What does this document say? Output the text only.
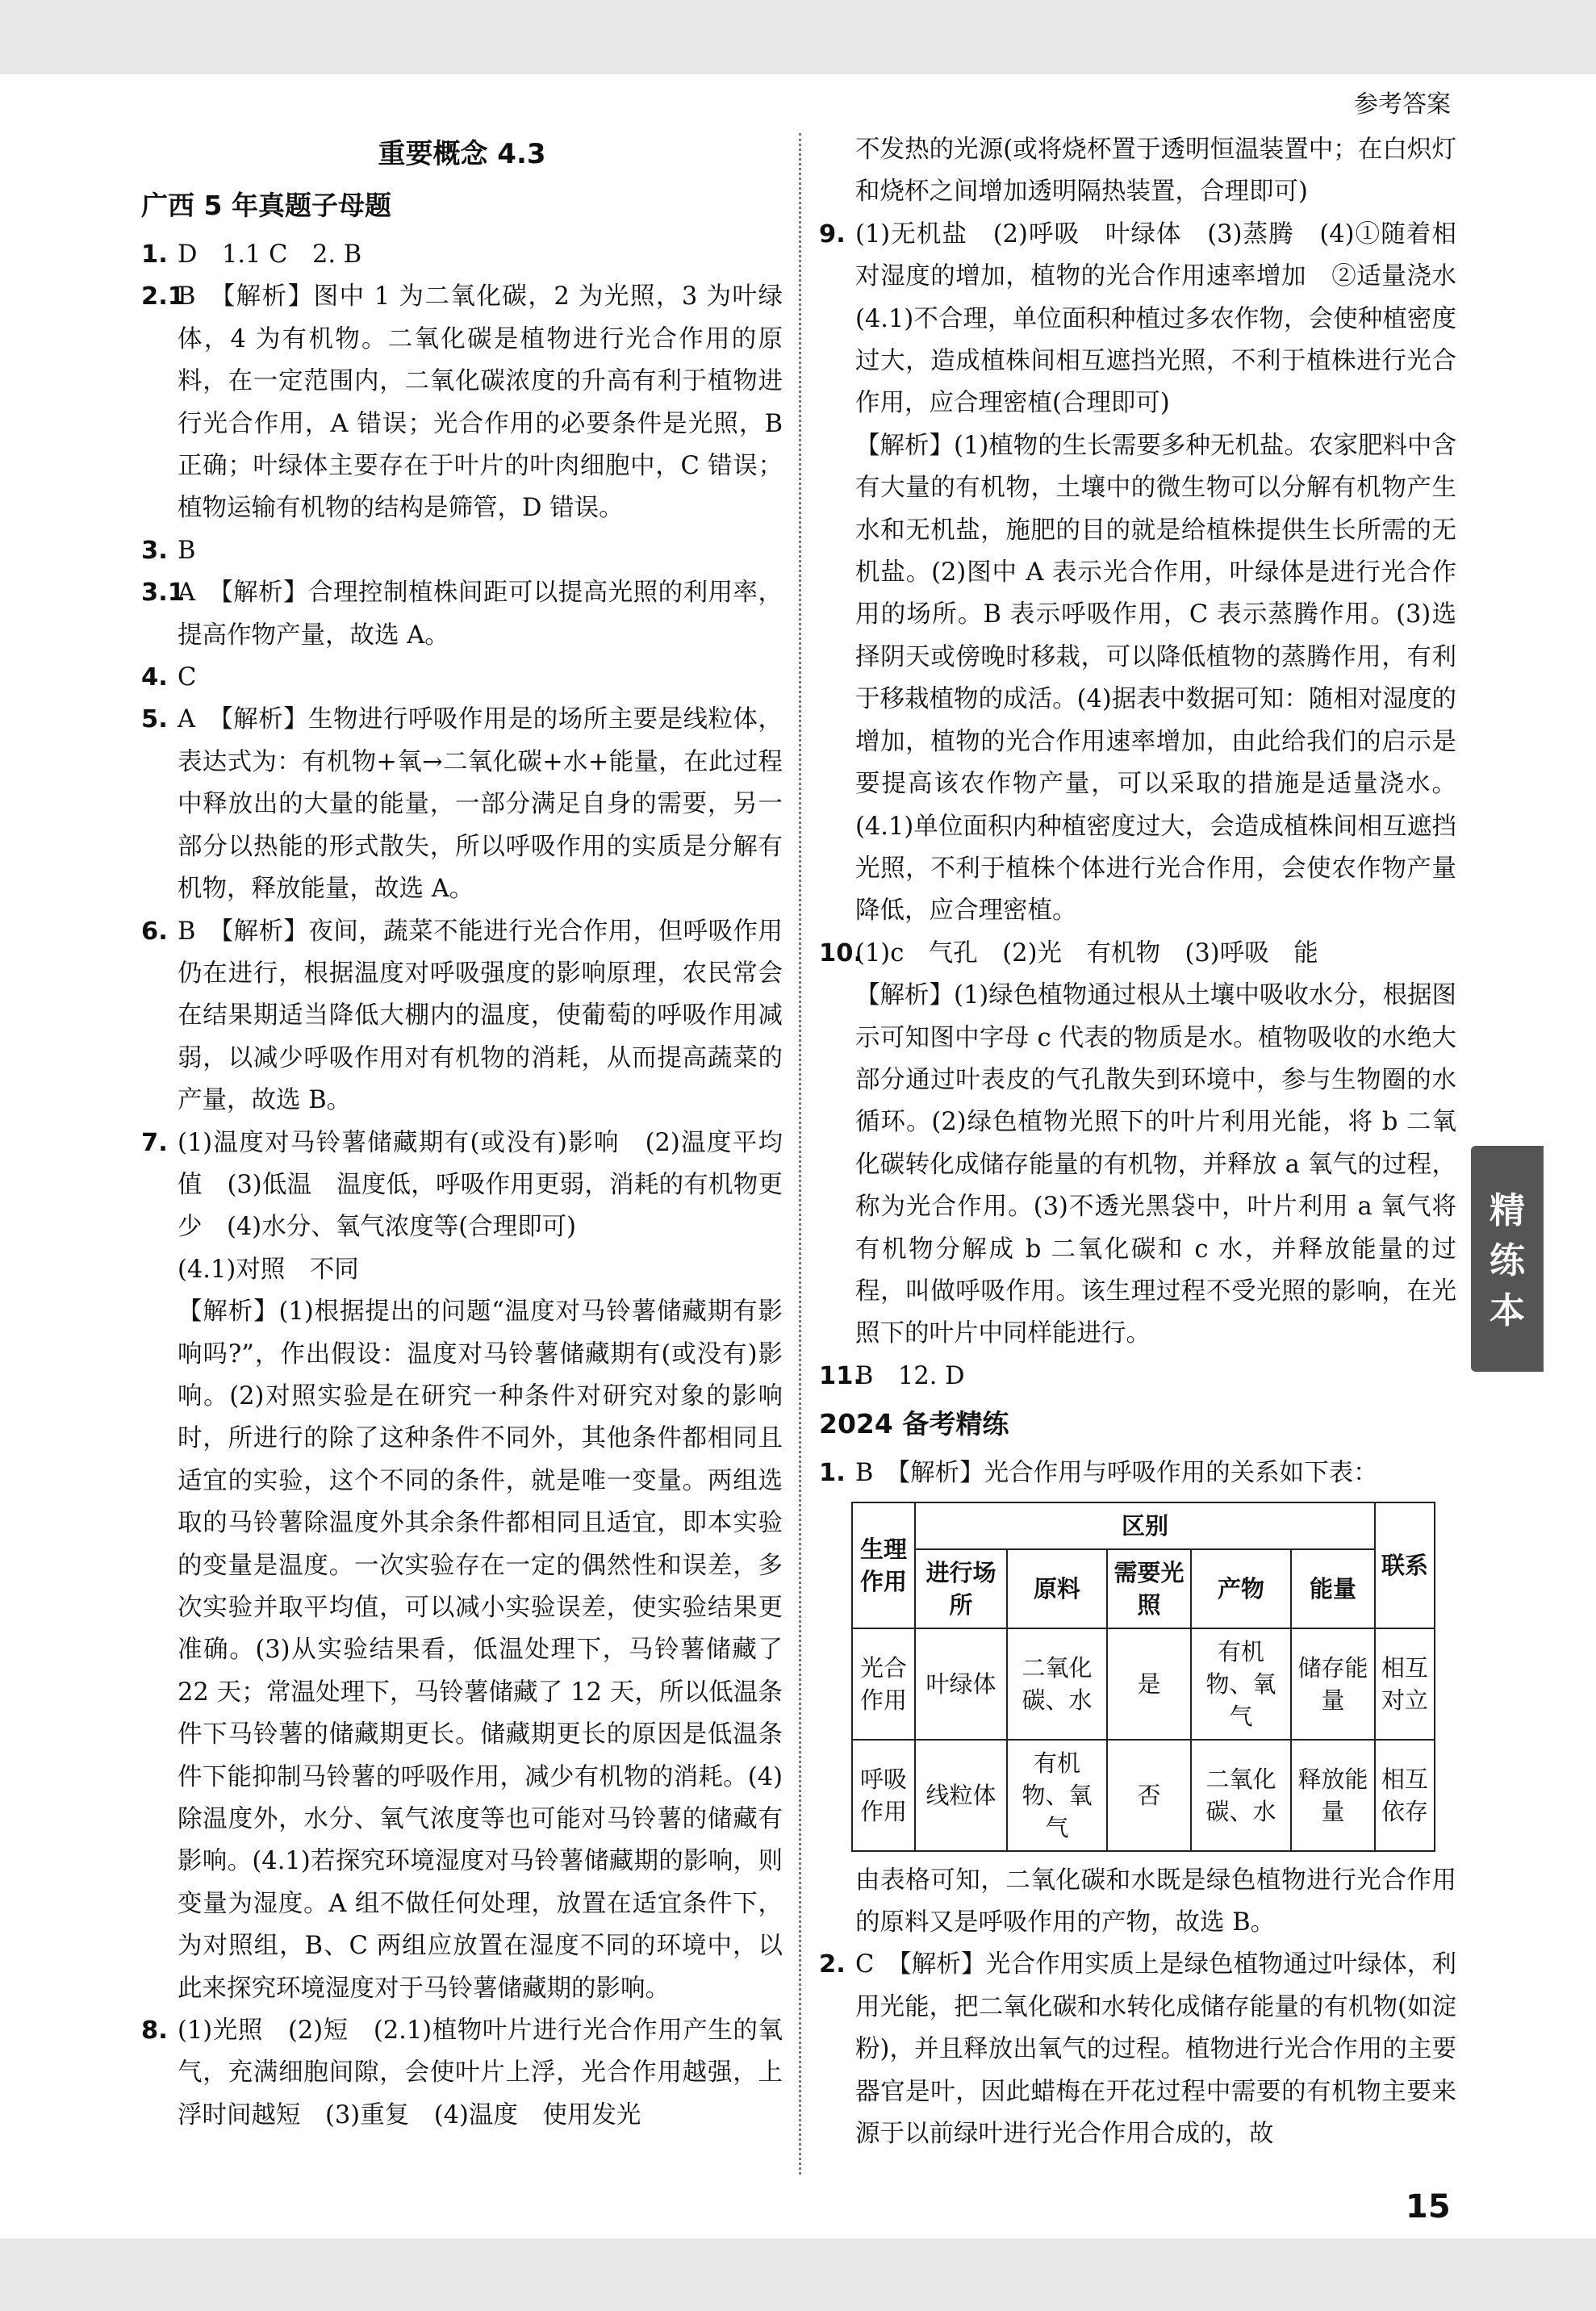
参考答案
重要概念 4.3
广西 5 年真题子母题

1. D　1.1 C　2. B

2.1
B　【解析】图中 1 为二氧化碳，2 为光照，3 为叶绿体，4 为有机物。二氧化碳是植物进行光合作用的原料，在一定范围内，二氧化碳浓度的升高有利于植物进行光合作用，A 错误；光合作用的必要条件是光照，B 正确；叶绿体主要存在于叶片的叶肉细胞中，C 错误；植物运输有机物的结构是筛管，D 错误。

3. B

3.1
A　【解析】合理控制植株间距可以提高光照的利用率，提高作物产量，故选 A。

4. C

5. A　【解析】生物进行呼吸作用是的场所主要是线粒体，表达式为：有机物+氧→二氧化碳+水+能量，在此过程中释放出的大量的能量，一部分满足自身的需要，另一部分以热能的形式散失，所以呼吸作用的实质是分解有机物，释放能量，故选 A。

6. B　【解析】夜间，蔬菜不能进行光合作用，但呼吸作用仍在进行，根据温度对呼吸强度的影响原理，农民常会在结果期适当降低大棚内的温度，使葡萄的呼吸作用减弱，以减少呼吸作用对有机物的消耗，从而提高蔬菜的产量，故选 B。

7. (1)温度对马铃薯储藏期有(或没有)影响　(2)温度平均值　(3)低温　温度低，呼吸作用更弱，消耗的有机物更少　(4)水分、氧气浓度等(合理即可)

(4.1)对照　不同

【解析】(1)根据提出的问题“温度对马铃薯储藏期有影响吗?”，作出假设：温度对马铃薯储藏期有(或没有)影响。(2)对照实验是在研究一种条件对研究对象的影响时，所进行的除了这种条件不同外，其他条件都相同且适宜的实验，这个不同的条件，就是唯一变量。两组选取的马铃薯除温度外其余条件都相同且适宜，即本实验的变量是温度。一次实验存在一定的偶然性和误差，多次实验并取平均值，可以减小实验误差，使实验结果更准确。(3)从实验结果看，低温处理下，马铃薯储藏了 22 天；常温处理下，马铃薯储藏了 12 天，所以低温条件下马铃薯的储藏期更长。储藏期更长的原因是低温条件下能抑制马铃薯的呼吸作用，减少有机物的消耗。(4)除温度外，水分、氧气浓度等也可能对马铃薯的储藏有影响。(4.1)若探究环境湿度对马铃薯储藏期的影响，则变量为湿度。A 组不做任何处理，放置在适宜条件下，为对照组，B、C 两组应放置在湿度不同的环境中，以此来探究环境湿度对于马铃薯储藏期的影响。

8. (1)光照　(2)短　(2.1)植物叶片进行光合作用产生的氧气，充满细胞间隙，会使叶片上浮，光合作用越强，上浮时间越短　(3)重复　(4)温度　使用发光

不发热的光源(或将烧杯置于透明恒温装置中；在白炽灯和烧杯之间增加透明隔热装置，合理即可)

9. (1)无机盐　(2)呼吸　叶绿体　(3)蒸腾　(4)①随着相对湿度的增加，植物的光合作用速率增加　②适量浇水　(4.1)不合理，单位面积种植过多农作物，会使种植密度过大，造成植株间相互遮挡光照，不利于植株进行光合作用，应合理密植(合理即可)

【解析】(1)植物的生长需要多种无机盐。农家肥料中含有大量的有机物，土壤中的微生物可以分解有机物产生水和无机盐，施肥的目的就是给植株提供生长所需的无机盐。(2)图中 A 表示光合作用，叶绿体是进行光合作用的场所。B 表示呼吸作用，C 表示蒸腾作用。(3)选择阴天或傍晚时移栽，可以降低植物的蒸腾作用，有利于移栽植物的成活。(4)据表中数据可知：随相对湿度的增加，植物的光合作用速率增加，由此给我们的启示是要提高该农作物产量，可以采取的措施是适量浇水。(4.1)单位面积内种植密度过大，会造成植株间相互遮挡光照，不利于植株个体进行光合作用，会使农作物产量降低，应合理密植。

10.
(1)c　气孔　(2)光　有机物　(3)呼吸　能

【解析】(1)绿色植物通过根从土壤中吸收水分，根据图示可知图中字母 c 代表的物质是水。植物吸收的水绝大部分通过叶表皮的气孔散失到环境中，参与生物圈的水循环。(2)绿色植物光照下的叶片利用光能，将 b 二氧化碳转化成储存能量的有机物，并释放 a 氧气的过程，称为光合作用。(3)不透光黑袋中，叶片利用 a 氧气将有机物分解成 b 二氧化碳和 c 水，并释放能量的过程，叫做呼吸作用。该生理过程不受光照的影响，在光照下的叶片中同样能进行。

11.
B　12. D

2024 备考精练

1. B　【解析】光合作用与呼吸作用的关系如下表：

生理作用	区别					联系
	进行场所	原料	需要光照	产物	能量	
光合作用	叶绿体	二氧化碳、水	是	有机物、氧气	储存能量	相互对立
呼吸作用	线粒体	有机物、氧气	否	二氧化碳、水	释放能量	相互依存

由表格可知，二氧化碳和水既是绿色植物进行光合作用的原料又是呼吸作用的产物，故选 B。

2. C　【解析】光合作用实质上是绿色植物通过叶绿体，利用光能，把二氧化碳和水转化成储存能量的有机物(如淀粉)，并且释放出氧气的过程。植物进行光合作用的主要器官是叶，因此蜡梅在开花过程中需要的有机物主要来源于以前绿叶进行光合作用合成的，故

精
练
本
15
